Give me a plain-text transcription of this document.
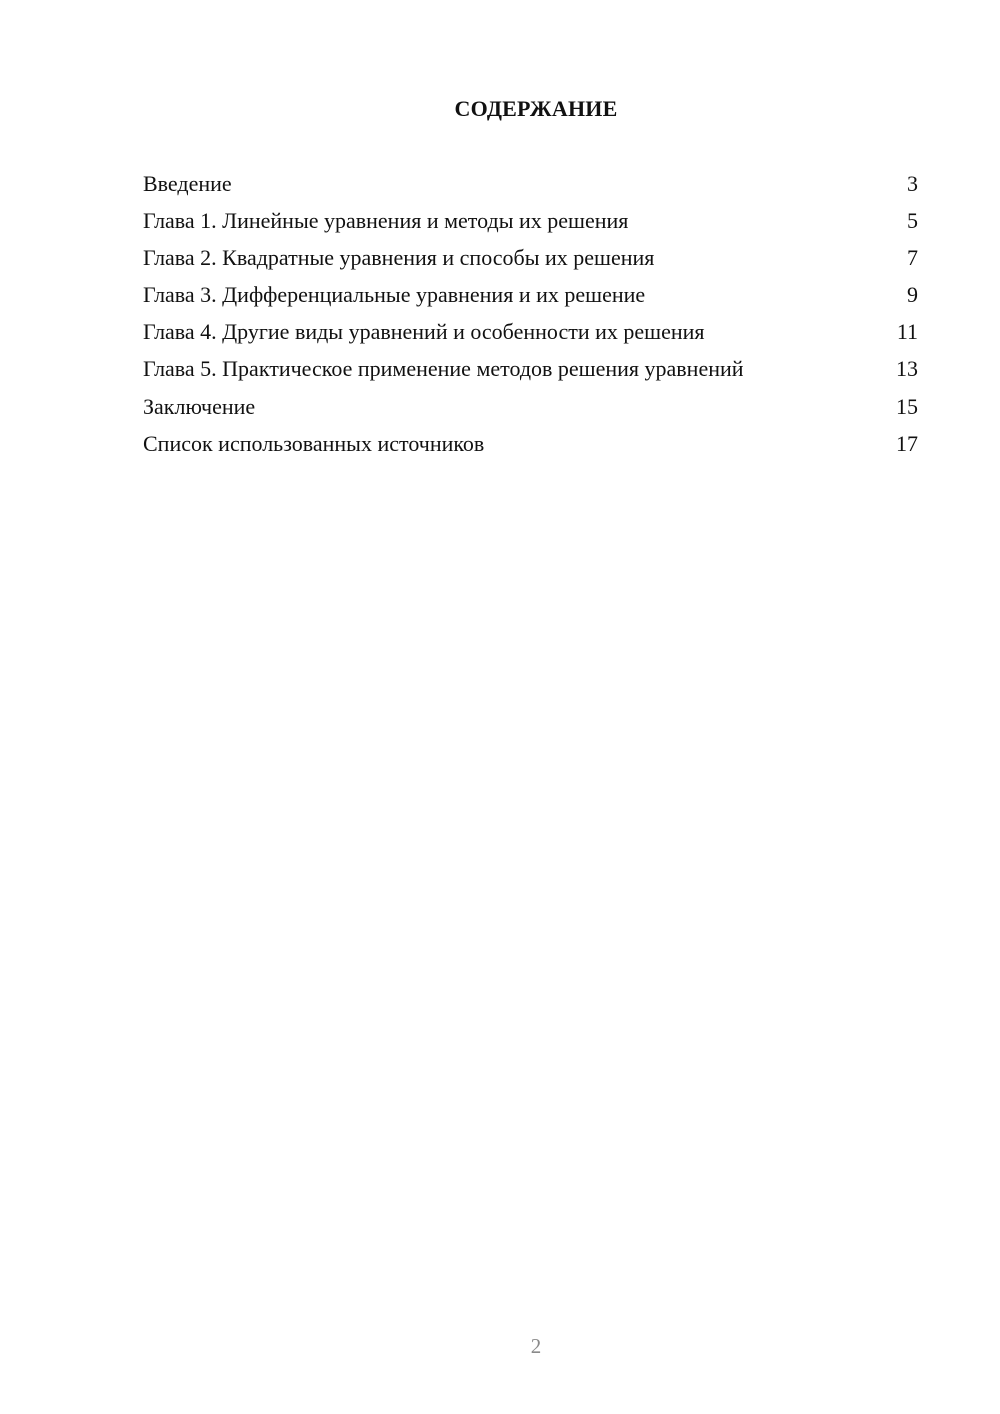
СОДЕРЖАНИЕ
Введение	3
Глава 1. Линейные уравнения и методы их решения	5
Глава 2. Квадратные уравнения и способы их решения	7
Глава 3. Дифференциальные уравнения и их решение	9
Глава 4. Другие виды уравнений и особенности их решения	11
Глава 5. Практическое применение методов решения уравнений	13
Заключение	15
Список использованных источников	17
2
